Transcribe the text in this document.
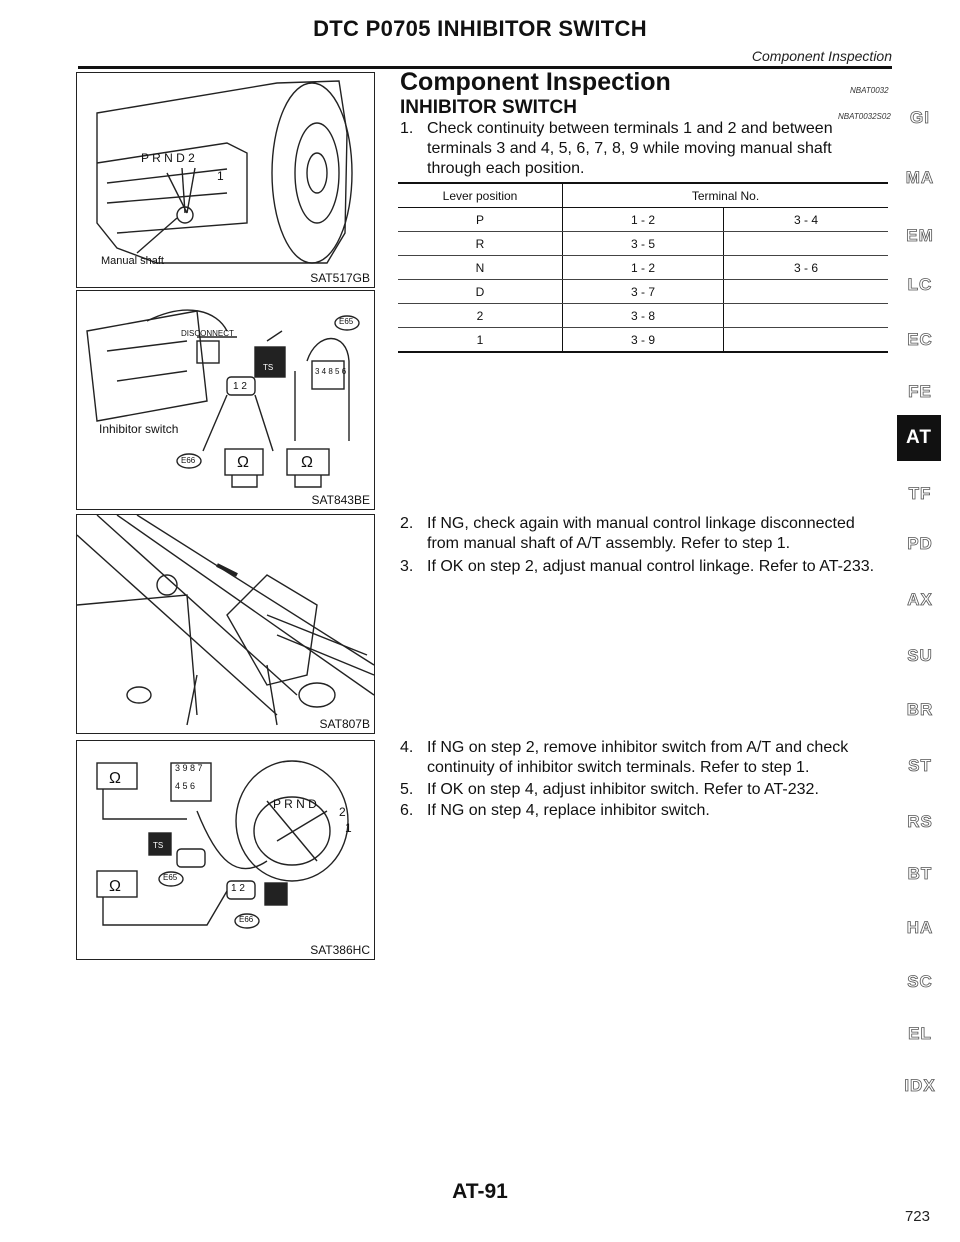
DTC P0705 INHIBITOR SWITCH
Component Inspection
P R N D 2
1
Manual shaft
SAT517GB
Ω	Ω
DISCONNECT
E65
Inhibitor switch
E66
1 2
3 4 8 5 6
TS
SAT843BE
SAT807B
Ω
Ω
3 9 8 7
4 5 6
P R N D
2
1
E65
E66
1 2
TS
SAT386HC
Component Inspection	NBAT0032
INHIBITOR SWITCH	NBAT0032S02
1. Check continuity between terminals 1 and 2 and between terminals 3 and 4, 5, 6, 7, 8, 9 while moving manual shaft through each position.
Lever position	Terminal No.	
P	1 - 2	3 - 4
R	3 - 5	
N	1 - 2	3 - 6
D	3 - 7	
2	3 - 8	
1	3 - 9	
2. If NG, check again with manual control linkage disconnected from manual shaft of A/T assembly. Refer to step 1.
3. If OK on step 2, adjust manual control linkage. Refer to AT-233.
4. If NG on step 2, remove inhibitor switch from A/T and check continuity of inhibitor switch terminals. Refer to step 1.
5. If OK on step 4, adjust inhibitor switch. Refer to AT-232.
6. If NG on step 4, replace inhibitor switch.
GI
MA
EM
LC
EC
FE
AT
TF
PD
AX
SU
BR
ST
RS
BT
HA
SC
EL
IDX
AT-91
723
